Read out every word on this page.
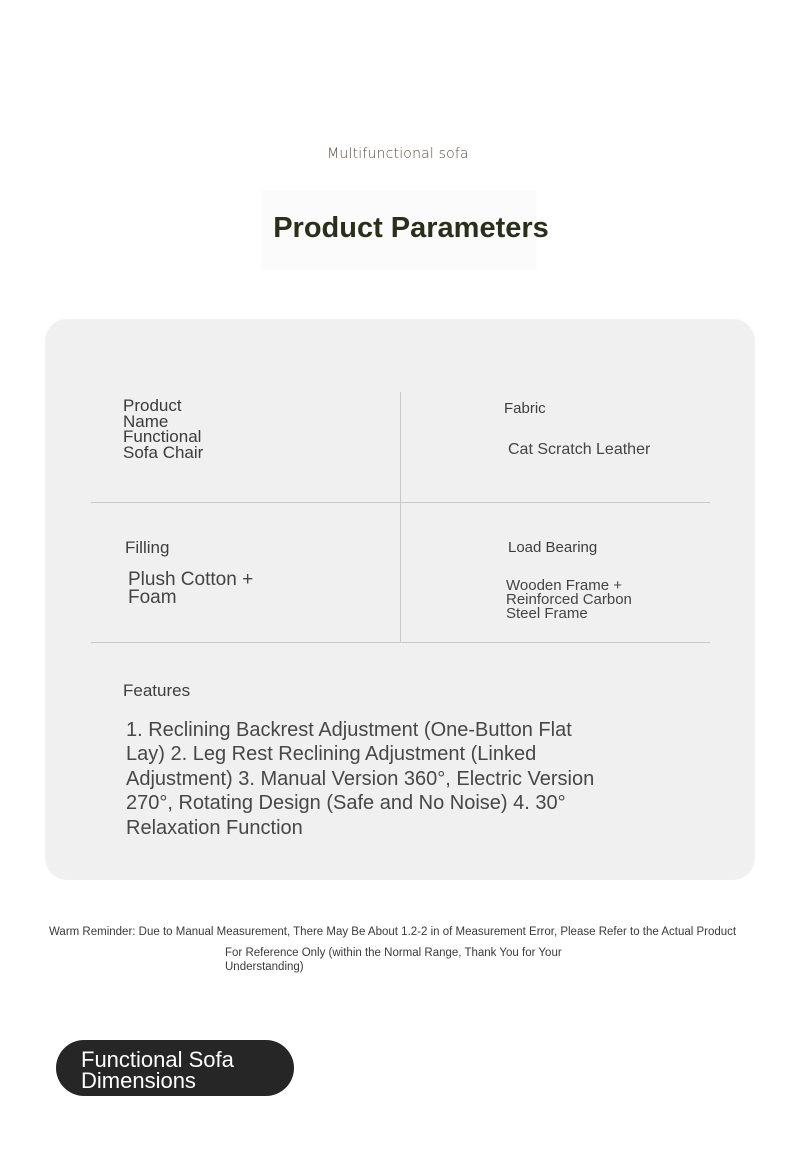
Multifunctional sofa
Product Parameters
Product
Name
Functional
Sofa Chair
Fabric
Cat Scratch Leather
Filling
Plush Cotton + Foam
Load Bearing
Wooden Frame + Reinforced Carbon Steel Frame
Features
1. Reclining Backrest Adjustment (One-Button Flat Lay) 2. Leg Rest Reclining Adjustment (Linked Adjustment) 3. Manual Version 360°, Electric Version 270°, Rotating Design (Safe and No Noise) 4. 30° Relaxation Function
Warm Reminder: Due to Manual Measurement, There May Be About 1.2-2 in of Measurement Error, Please Refer to the Actual Product
For Reference Only (within the Normal Range, Thank You for Your Understanding)
Functional Sofa Dimensions
